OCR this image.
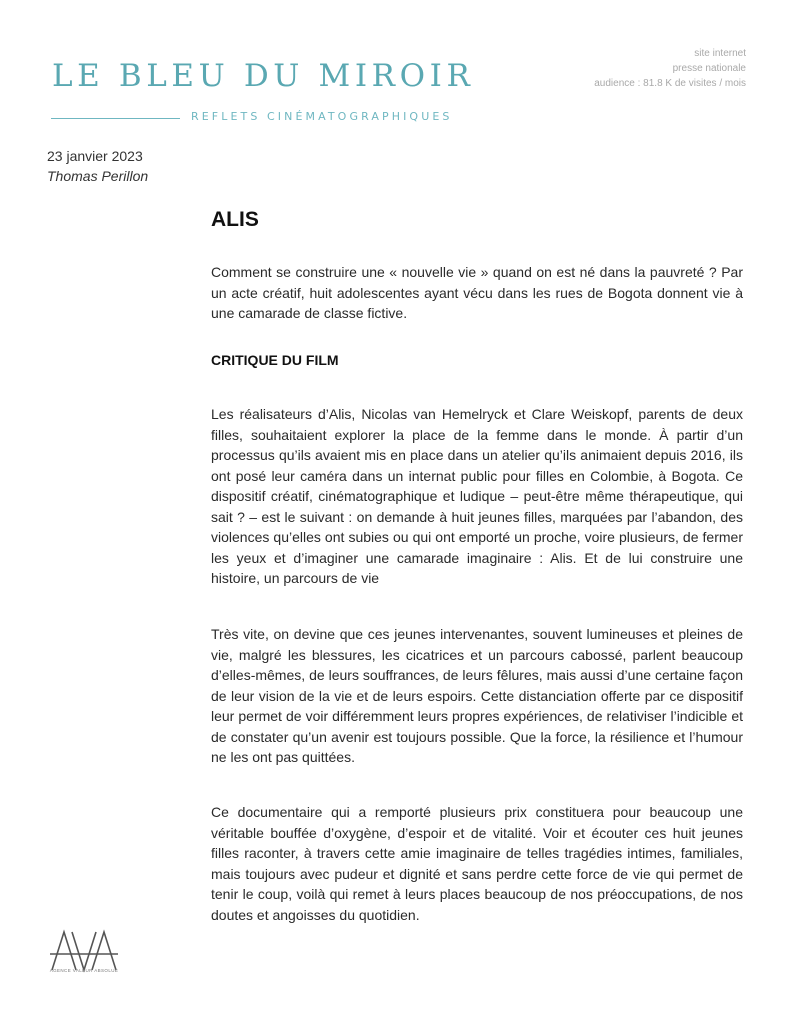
LE BLEU DU MIROIR
REFLETS CINÉMATOGRAPHIQUES
site internet
presse nationale
audience : 81.8 K de visites / mois
23 janvier 2023
Thomas Perillon
ALIS

Comment se construire une « nouvelle vie » quand on est né dans la pauvreté ? Par un acte créatif, huit adolescentes ayant vécu dans les rues de Bogota donnent vie à une camarade de classe fictive.

CRITIQUE DU FILM

Les réalisateurs d’Alis, Nicolas van Hemelryck et Clare Weiskopf, parents de deux filles, souhaitaient explorer la place de la femme dans le monde. À partir d’un processus qu’ils avaient mis en place dans un atelier qu’ils animaient depuis 2016, ils ont posé leur caméra dans un internat public pour filles en Colombie, à Bogota. Ce dispositif créatif, cinématographique et ludique – peut-être même thérapeutique, qui sait ? – est le suivant : on demande à huit jeunes filles, marquées par l’abandon, des violences qu’elles ont subies ou qui ont emporté un proche, voire plusieurs, de fermer les yeux et d’imaginer une camarade imaginaire : Alis. Et de lui construire une histoire, un parcours de vie

Très vite, on devine que ces jeunes intervenantes, souvent lumineuses et pleines de vie, malgré les blessures, les cicatrices et un parcours cabossé, parlent beaucoup d’elles-mêmes, de leurs souffrances, de leurs fêlures, mais aussi d’une certaine façon de leur vision de la vie et de leurs espoirs. Cette distanciation offerte par ce dispositif leur permet de voir différemment leurs propres expériences, de relativiser l’indicible et de constater qu’un avenir est toujours possible. Que la force, la résilience et l’humour ne les ont pas quittées.

Ce documentaire qui a remporté plusieurs prix constituera pour beaucoup une véritable bouffée d’oxygène, d’espoir et de vitalité. Voir et écouter ces huit jeunes filles raconter, à travers cette amie imaginaire de telles tragédies intimes, familiales, mais toujours avec pudeur et dignité et sans perdre cette force de vie qui permet de tenir le coup, voilà qui remet à leurs places beaucoup de nos préoccupations, de nos doutes et angoisses du quotidien.

AGENCE VALEUR ABSOLUE
